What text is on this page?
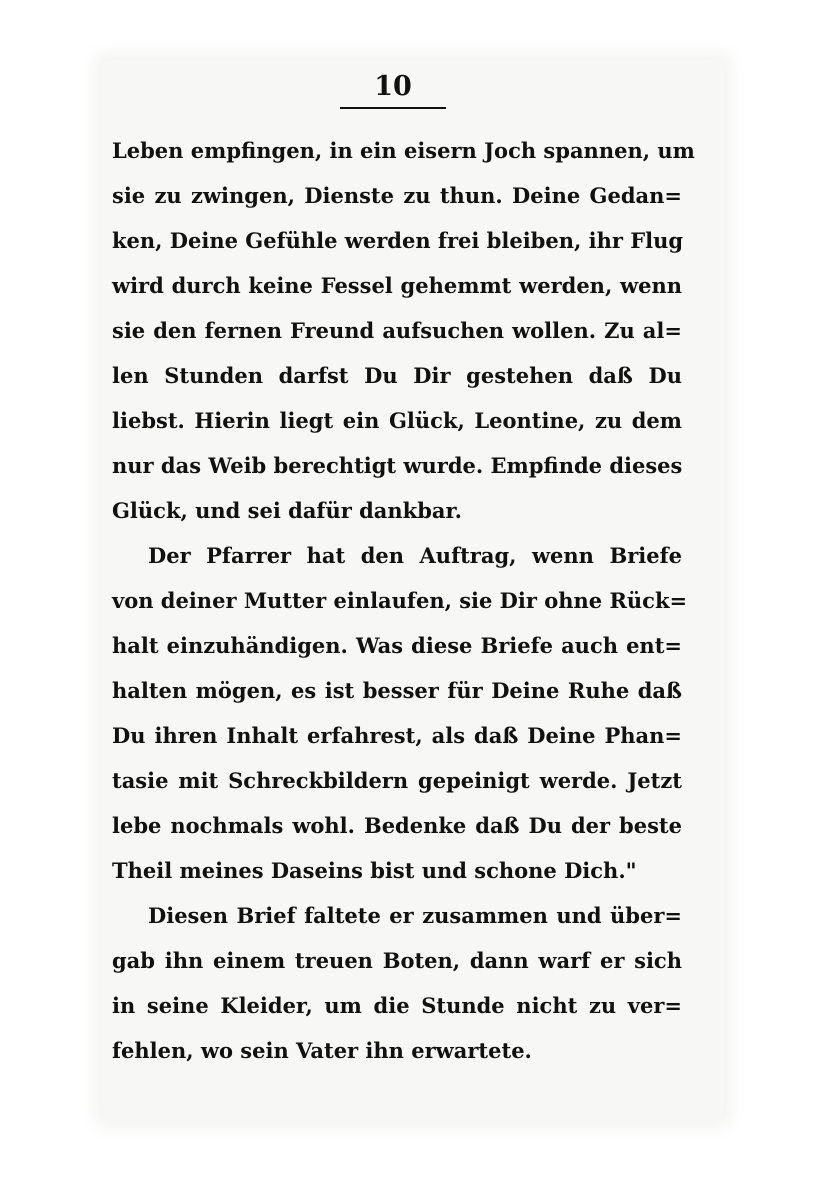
10
Leben empfingen, in ein eisern Joch spannen, um
sie zu zwingen, Dienste zu thun. Deine Gedan=
ken, Deine Gefühle werden frei bleiben, ihr Flug
wird durch keine Fessel gehemmt werden, wenn
sie den fernen Freund aufsuchen wollen. Zu al=
len Stunden darfst Du Dir gestehen daß Du
liebst. Hierin liegt ein Glück, Leontine, zu dem
nur das Weib berechtigt wurde. Empfinde dieses
Glück, und sei dafür dankbar.
Der Pfarrer hat den Auftrag, wenn Briefe
von deiner Mutter einlaufen, sie Dir ohne Rück=
halt einzuhändigen. Was diese Briefe auch ent=
halten mögen, es ist besser für Deine Ruhe daß
Du ihren Inhalt erfahrest, als daß Deine Phan=
tasie mit Schreckbildern gepeinigt werde. Jetzt
lebe nochmals wohl. Bedenke daß Du der beste
Theil meines Daseins bist und schone Dich."
Diesen Brief faltete er zusammen und über=
gab ihn einem treuen Boten, dann warf er sich
in seine Kleider, um die Stunde nicht zu ver=
fehlen, wo sein Vater ihn erwartete.
